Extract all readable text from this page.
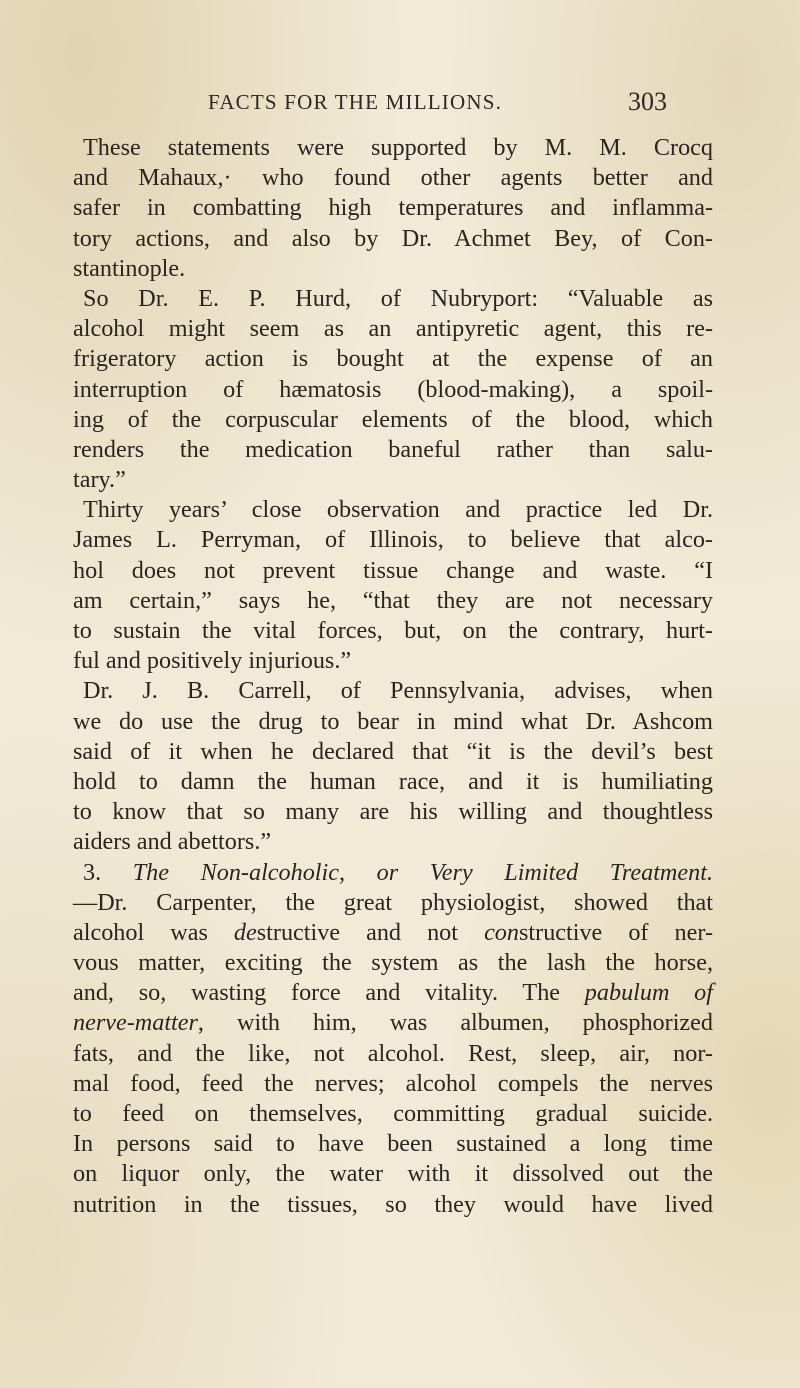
FACTS FOR THE MILLIONS.	303
These statements were supported by M. M. Crocq
and Mahaux,· who found other agents better and
safer in combatting high temperatures and inflamma-
tory actions, and also by Dr. Achmet Bey, of Con-
stantinople.
So Dr. E. P. Hurd, of Nubryport: “Valuable as
alcohol might seem as an antipyretic agent, this re-
frigeratory action is bought at the expense of an
interruption of hæmatosis (blood-making), a spoil-
ing of the corpuscular elements of the blood, which
renders the medication baneful rather than salu-
tary.”
Thirty years’ close observation and practice led Dr.
James L. Perryman, of Illinois, to believe that alco-
hol does not prevent tissue change and waste. “I
am certain,” says he, “that they are not necessary
to sustain the vital forces, but, on the contrary, hurt-
ful and positively injurious.”
Dr. J. B. Carrell, of Pennsylvania, advises, when
we do use the drug to bear in mind what Dr. Ashcom
said of it when he declared that “it is the devil’s best
hold to damn the human race, and it is humiliating
to know that so many are his willing and thoughtless
aiders and abettors.”
3. The Non-alcoholic, or Very Limited Treatment.
—Dr. Carpenter, the great physiologist, showed that
alcohol was destructive and not constructive of ner-
vous matter, exciting the system as the lash the horse,
and, so, wasting force and vitality. The pabulum of
nerve-matter, with him, was albumen, phosphorized
fats, and the like, not alcohol. Rest, sleep, air, nor-
mal food, feed the nerves; alcohol compels the nerves
to feed on themselves, committing gradual suicide.
In persons said to have been sustained a long time
on liquor only, the water with it dissolved out the
nutrition in the tissues, so they would have lived
